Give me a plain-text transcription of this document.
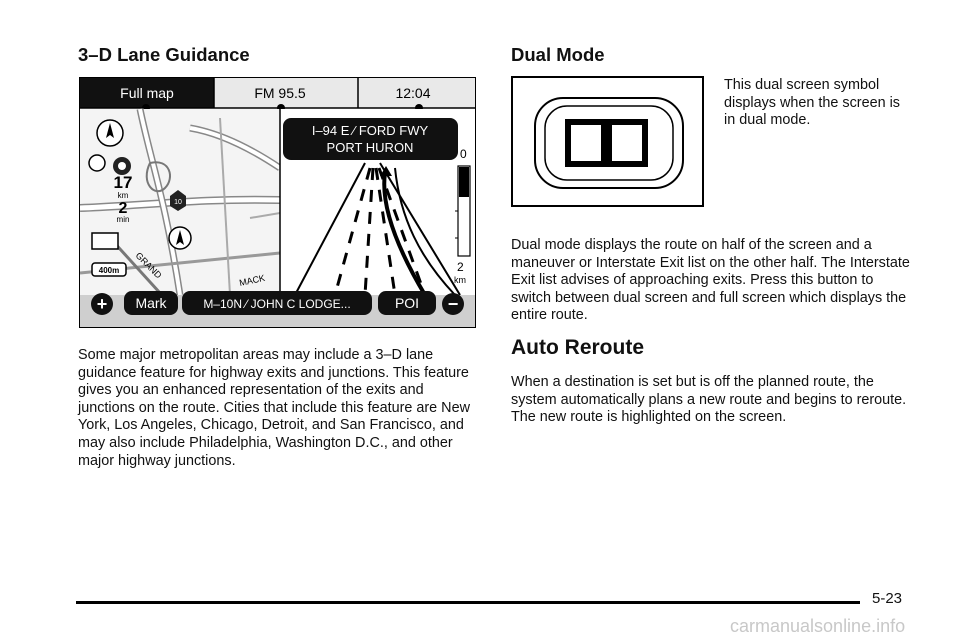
3–D Lane Guidance
Full map	FM 95.5	12:04
17
km
2
min
10
400m
MACK
GRAND
I–94 E ⁄ FORD FWY
PORT HURON	0
2
km
+ Mark	M–10N ⁄ JOHN C LODGE...	POI −

Some major metropolitan areas may include a 3–D lane guidance feature for highway exits and junctions. This feature gives you an enhanced representation of the exits and junctions on the route. Cities that include this feature are New York, Los Angeles, Chicago, Detroit, and San Francisco, and may also include Philadelphia, Washington D.C., and other major highway junctions.

Dual Mode

This dual screen symbol displays when the screen is in dual mode.

Dual mode displays the route on half of the screen and a maneuver or Interstate Exit list on the other half. The Interstate Exit list advises of approaching exits. Press this button to switch between dual screen and full screen which displays the entire route.

Auto Reroute

When a destination is set but is off the planned route, the system automatically plans a new route and begins to reroute. The new route is highlighted on the screen.

5-23
carmanualsonline.info
